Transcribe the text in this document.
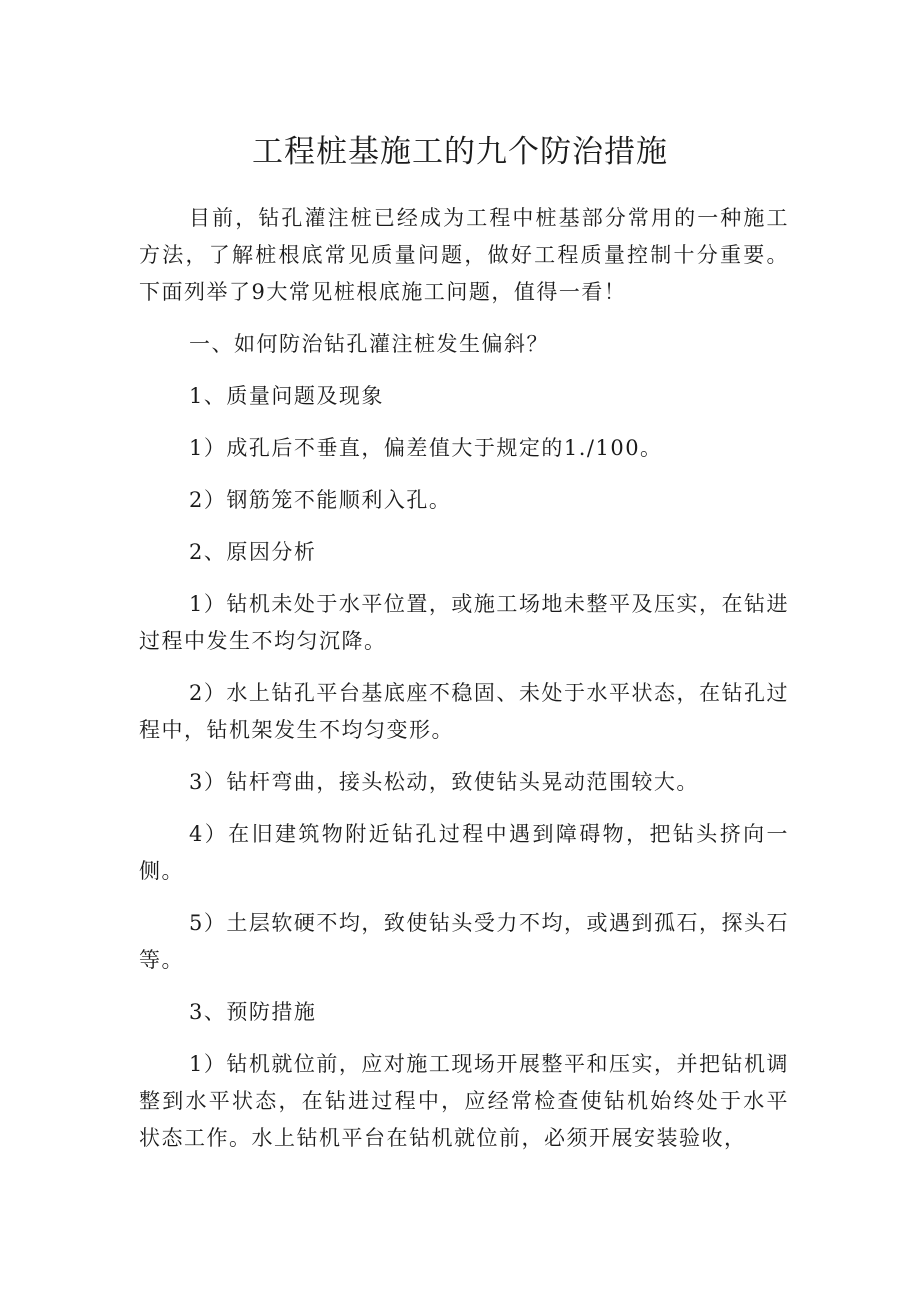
工程桩基施工的九个防治措施

目前，钻孔灌注桩已经成为工程中桩基部分常用的一种施工方法，了解桩根底常见质量问题，做好工程质量控制十分重要。下面列举了9大常见桩根底施工问题，值得一看！

一、如何防治钻孔灌注桩发生偏斜？

1、质量问题及现象

1）成孔后不垂直，偏差值大于规定的1./100。

2）钢筋笼不能顺利入孔。

2、原因分析

1）钻机未处于水平位置，或施工场地未整平及压实，在钻进过程中发生不均匀沉降。

2）水上钻孔平台基底座不稳固、未处于水平状态，在钻孔过程中，钻机架发生不均匀变形。

3）钻杆弯曲，接头松动，致使钻头晃动范围较大。

4）在旧建筑物附近钻孔过程中遇到障碍物，把钻头挤向一侧。

5）土层软硬不均，致使钻头受力不均，或遇到孤石，探头石等。

3、预防措施

1）钻机就位前，应对施工现场开展整平和压实，并把钻机调整到水平状态，在钻进过程中，应经常检查使钻机始终处于水平状态工作。水上钻机平台在钻机就位前，必须开展安装验收，
